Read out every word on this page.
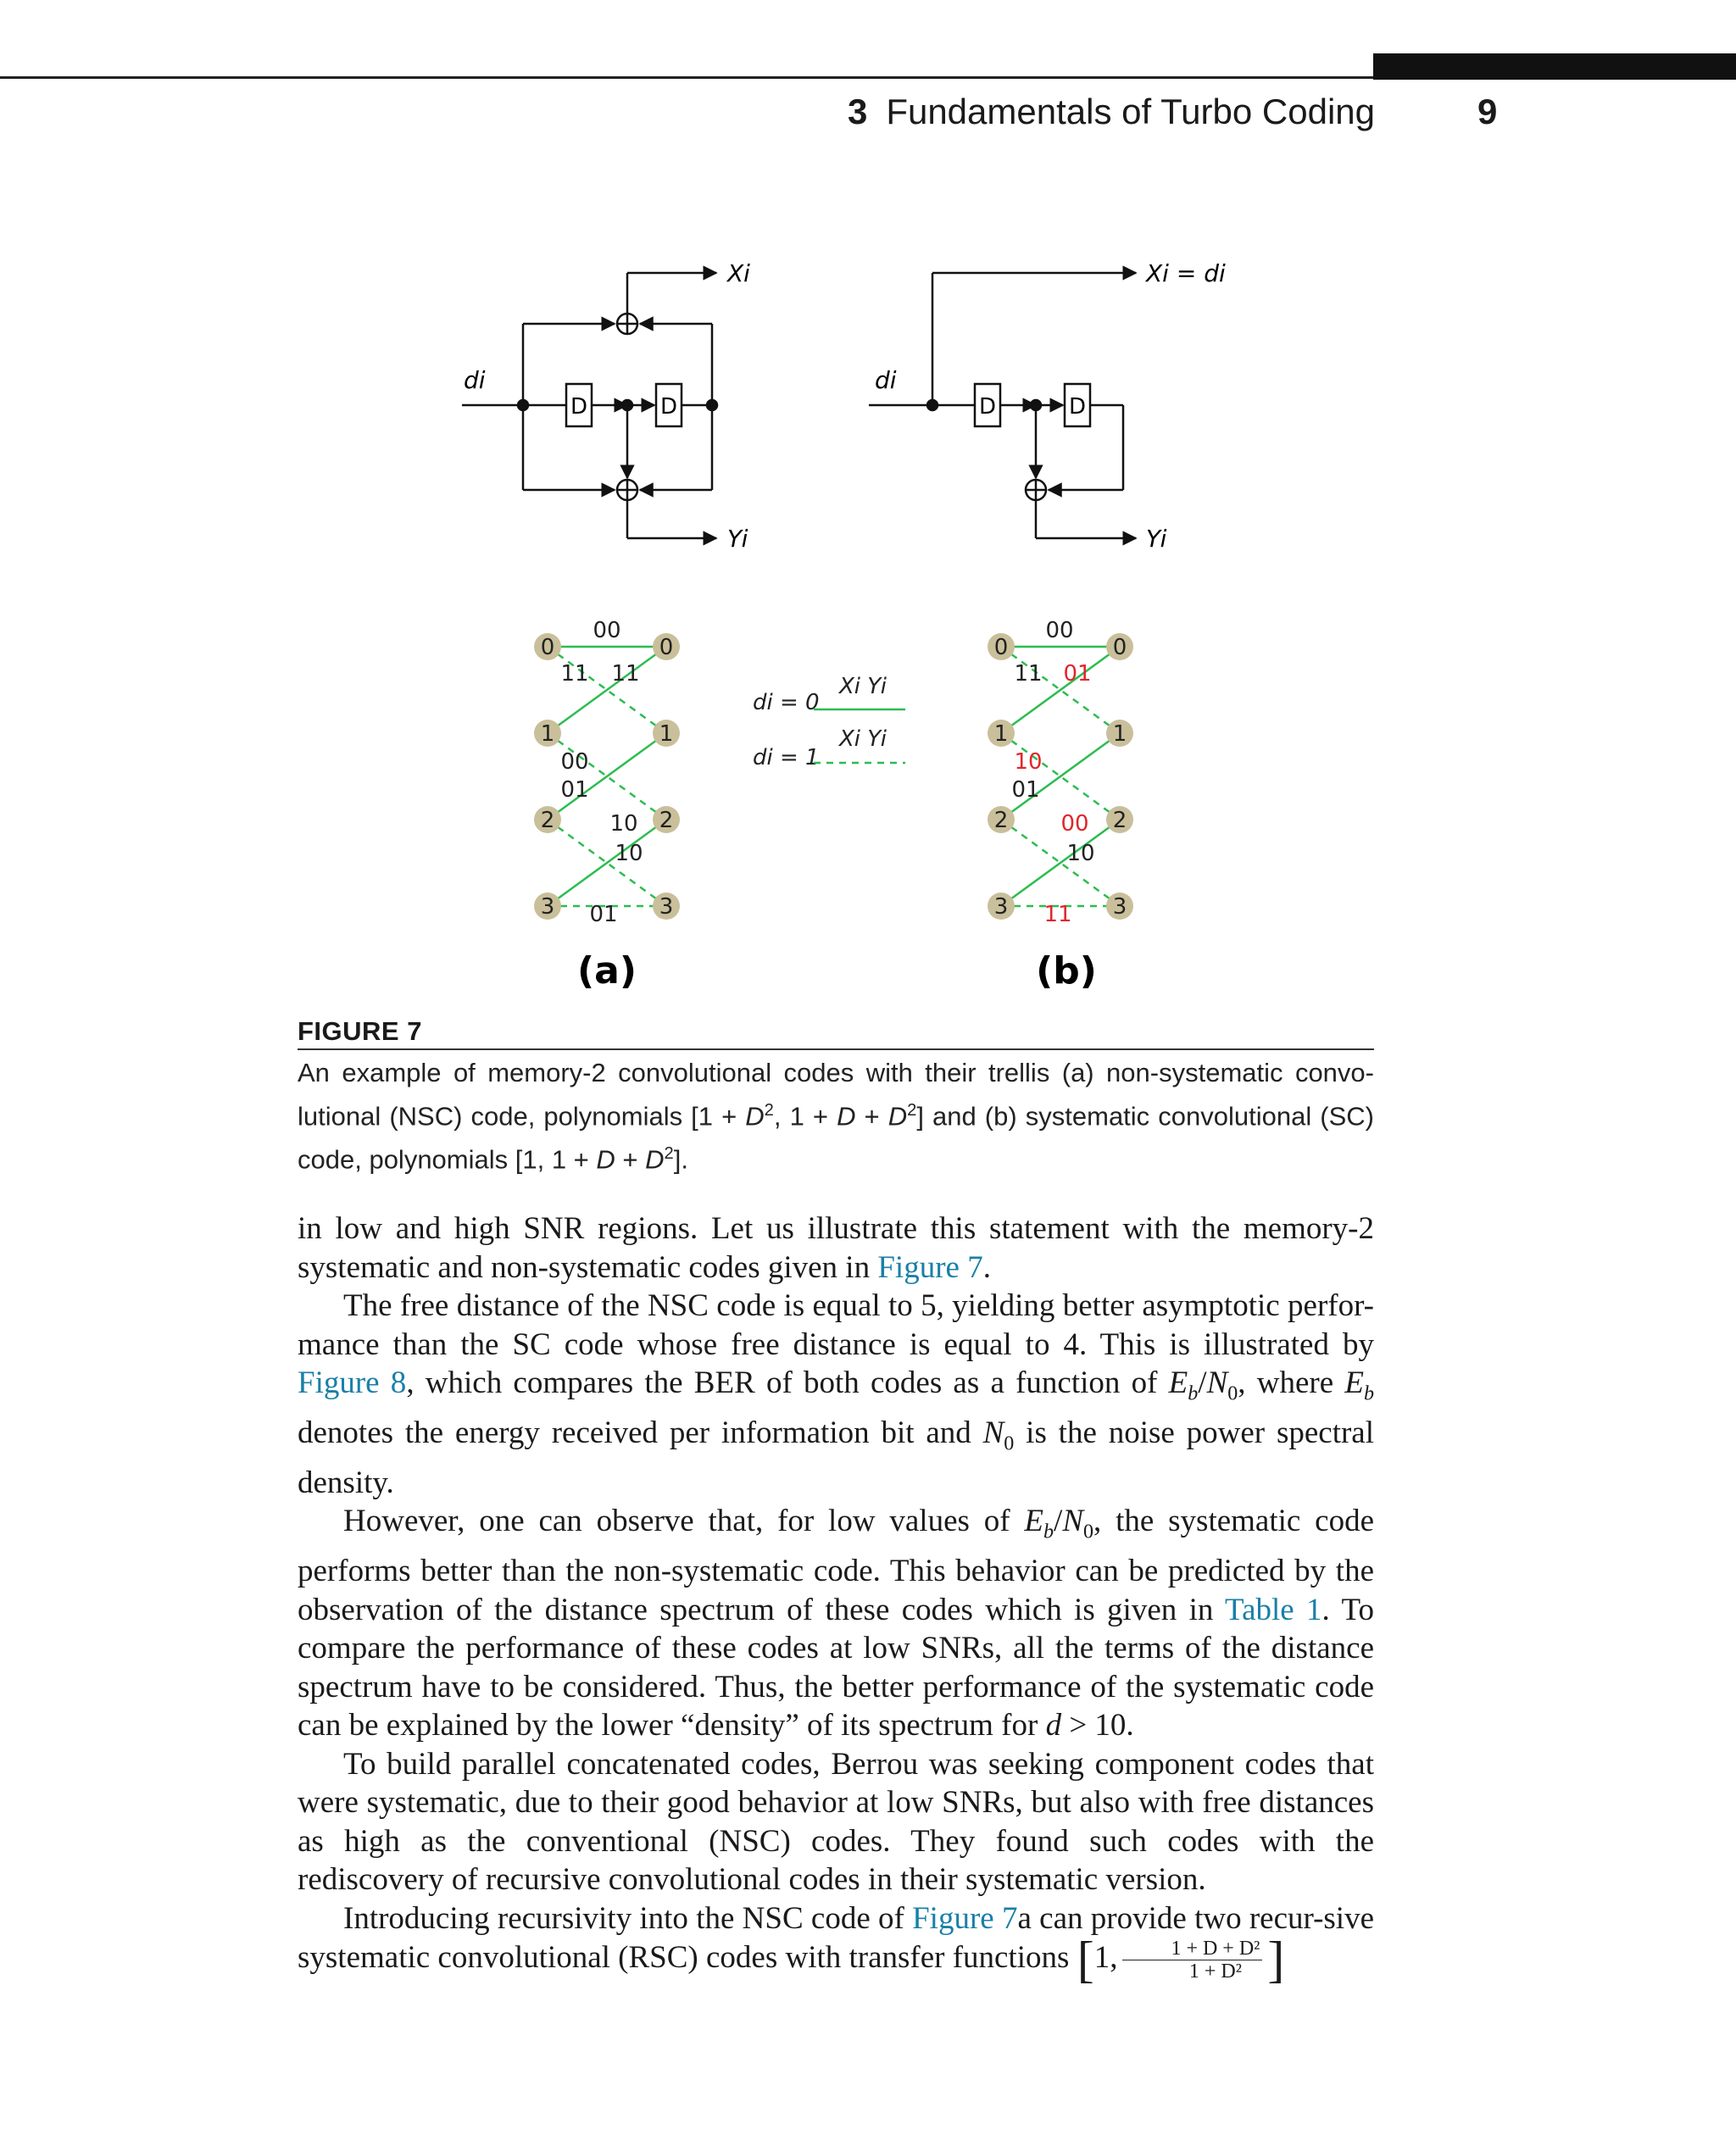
3 Fundamentals of Turbo Coding	9
D	D
di
Xi
Yi
D	D
di
Xi = di
Yi
0
1
2
3
0
1
2
3
00
11 11
00
01
10
10
01
(a)
0
1
2
3
0
1
2
3
00
11 01
10
01
00
10
11
(b)
di = 0
di = 1
Xi Yi
Xi Yi
FIGURE 7
An example of memory-2 convolutional codes with their trellis (a) non-systematic convo-lutional (NSC) code, polynomials [$1 + D^2$, $1 + D + D^2$] and (b) systematic convolutional (SC) code, polynomials [1, $1 + D + D^2$].

in low and high SNR regions. Let us illustrate this statement with the memory-2 systematic and non-systematic codes given in Figure 7.

The free distance of the NSC code is equal to 5, yielding better asymptotic perfor-mance than the SC code whose free distance is equal to 4. This is illustrated by Figure 8, which compares the BER of both codes as a function of $E_b/N_0$, where $E_b$ denotes the energy received per information bit and $N_0$ is the noise power spectral density.

However, one can observe that, for low values of $E_b/N_0$, the systematic code performs better than the non-systematic code. This behavior can be predicted by the observation of the distance spectrum of these codes which is given in Table 1. To compare the performance of these codes at low SNRs, all the terms of the distance spectrum have to be considered. Thus, the better performance of the systematic code can be explained by the lower “density” of its spectrum for d > 10.

To build parallel concatenated codes, Berrou was seeking component codes that were systematic, due to their good behavior at low SNRs, but also with free distances as high as the conventional (NSC) codes. They found such codes with the rediscovery of recursive convolutional codes in their systematic version.

Introducing recursivity into the NSC code of Figure 7a can provide two recur-sive systematic convolutional (RSC) codes with transfer functions [1, $\frac{\text{1 + D + D²}}{\text{1 + D²}}$ ]
